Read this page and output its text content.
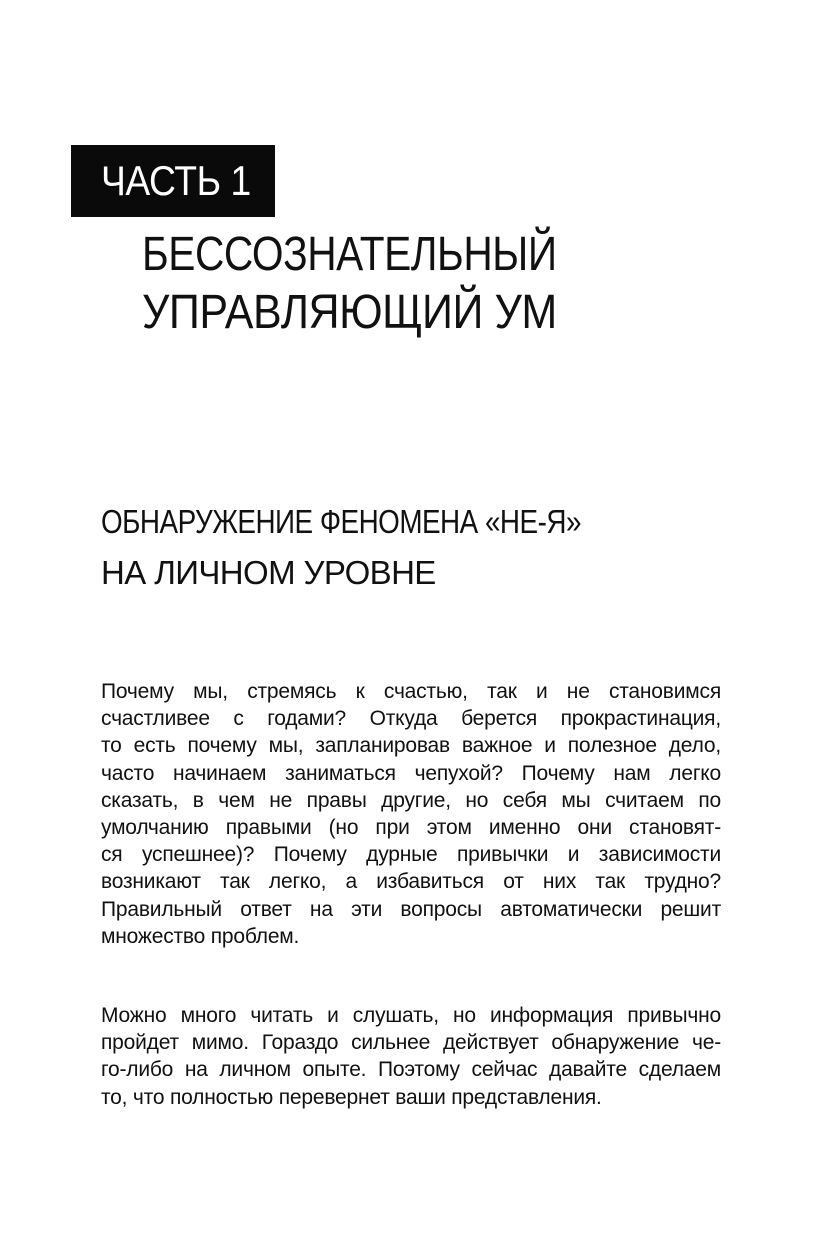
ЧАСТЬ 1
БЕССОЗНАТЕЛЬНЫЙ
УПРАВЛЯЮЩИЙ УМ
ОБНАРУЖЕНИЕ ФЕНОМЕНА «НЕ-Я»
НА ЛИЧНОМ УРОВНЕ
Почему мы, стремясь к счастью, так и не становимся
счастливее с годами? Откуда берется прокрастинация,
то есть почему мы, запланировав важное и полезное дело,
часто начинаем заниматься чепухой? Почему нам легко
сказать, в чем не правы другие, но себя мы считаем по
умолчанию правыми (но при этом именно они становят-
ся успешнее)? Почему дурные привычки и зависимости
возникают так легко, а избавиться от них так трудно?
Правильный ответ на эти вопросы автоматически решит
множество проблем.
Можно много читать и слушать, но информация привычно
пройдет мимо. Гораздо сильнее действует обнаружение че-
го-либо на личном опыте. Поэтому сейчас давайте сделаем
то, что полностью перевернет ваши представления.
